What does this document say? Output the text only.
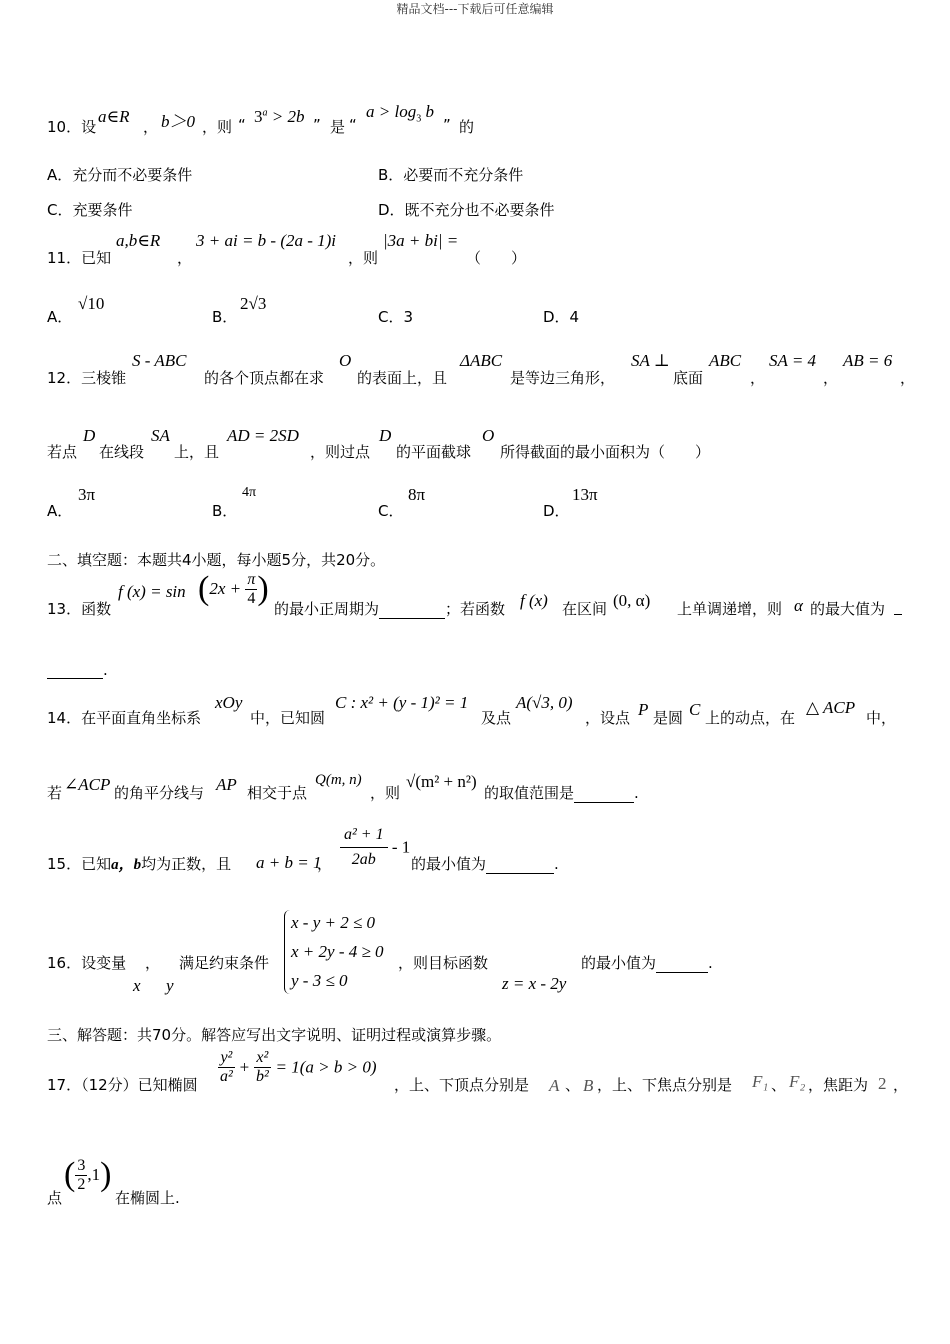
精品文档---下载后可任意编辑
10．设
a∈R
， b＞0 ，则 “ $3^a > 2b$ ” 是 “
$a > \log_3 b$
” 的
A．充分而不必要条件	B．必要而不充分条件
C．充要条件	D．既不充分也不必要条件
11．已知
a,b∈R
，
3 + ai = b - (2a - 1)i
，则
|3a + bi| =
（　　）
A．
√10
B．
2√3
C．3	D．4
12．三棱锥
S - ABC
的各个顶点都在求
O
的表面上，且
ΔABC
是等边三角形，
SA ⊥
底面
ABC
，
SA = 4
，
AB = 6
，
若点
D
在线段
SA
上，且
AD = 2SD
，则过点
D
的平面截球
O
所得截面的最小面积为（　　）
A．
3π
B．
4π
C．
8π
D．
13π
二、填空题：本题共4小题，每小题5分，共20分。
13．函数
f $(x) = \sin (2x + \frac{\pi}{4}$ )
的最小正周期为	；若函数 f (x) 在区间 (0, α) 上单调递增，则 α 的最大值为
.
14．在平面直角坐标系
xOy
中，已知圆
C : x² + (y - 1)² = 1
及点
A(√3, 0)
，设点 P 是圆 C 上的动点，在
△ ACP
中，
若 ∠ACP 的角平分线与 AP 相交于点
Q(m, n)
，则
√(m² + n²)
的取值范围是	.
15．已知a，b均为正数，且 a + b = 1
， $\frac{\text{a² + 1}}{2ab} - 1$
的最小值为	.
16．设变量 ， 满足约束条件
x y
x - y + 2 ≤ 0
x + 2y - 4 ≥ 0
y - 3 ≤ 0
，则目标函数
z = x - 2y
的最小值为	.
三、解答题：共70分。解答应写出文字说明、证明过程或演算步骤。
17．（12分）已知椭圆 $\frac{\text{y²}}{\text{a²}} + \frac{\text{x²}}{\text{b²}} = 1(a > b > 0)$
，上、下顶点分别是 A 、 B ，上、下焦点分别是 F₁ 、 F₂ ，焦距为 2 ，
点
( $\frac{3}{2} ,1$)
在椭圆上.
